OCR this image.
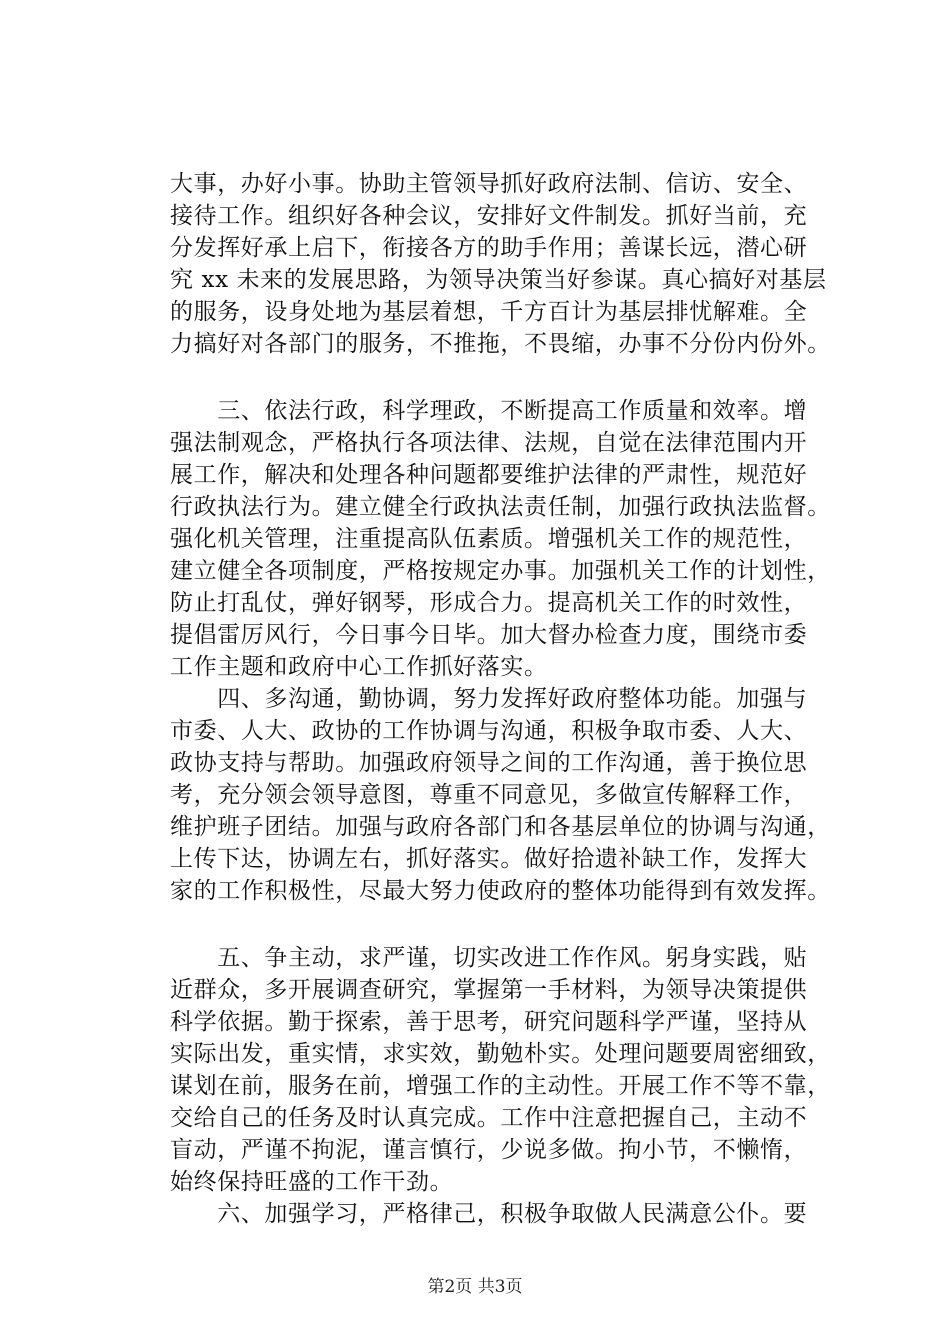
大事，办好小事。协助主管领导抓好政府法制、信访、安全、
接待工作。组织好各种会议，安排好文件制发。抓好当前，充
分发挥好承上启下，衔接各方的助手作用；善谋长远，潜心研
究 xx 未来的发展思路，为领导决策当好参谋。真心搞好对基层
的服务，设身处地为基层着想，千方百计为基层排忧解难。全
力搞好对各部门的服务，不推拖，不畏缩，办事不分份内份外。
　　三、依法行政，科学理政，不断提高工作质量和效率。增
强法制观念，严格执行各项法律、法规，自觉在法律范围内开
展工作，解决和处理各种问题都要维护法律的严肃性，规范好
行政执法行为。建立健全行政执法责任制，加强行政执法监督。
强化机关管理，注重提高队伍素质。增强机关工作的规范性，
建立健全各项制度，严格按规定办事。加强机关工作的计划性，
防止打乱仗，弹好钢琴，形成合力。提高机关工作的时效性，
提倡雷厉风行，今日事今日毕。加大督办检查力度，围绕市委
工作主题和政府中心工作抓好落实。
　　四、多沟通，勤协调，努力发挥好政府整体功能。加强与
市委、人大、政协的工作协调与沟通，积极争取市委、人大、
政协支持与帮助。加强政府领导之间的工作沟通，善于换位思
考，充分领会领导意图，尊重不同意见，多做宣传解释工作，
维护班子团结。加强与政府各部门和各基层单位的协调与沟通，
上传下达，协调左右，抓好落实。做好拾遗补缺工作，发挥大
家的工作积极性，尽最大努力使政府的整体功能得到有效发挥。
　　五、争主动，求严谨，切实改进工作作风。躬身实践，贴
近群众，多开展调查研究，掌握第一手材料，为领导决策提供
科学依据。勤于探索，善于思考，研究问题科学严谨，坚持从
实际出发，重实情，求实效，勤勉朴实。处理问题要周密细致，
谋划在前，服务在前，增强工作的主动性。开展工作不等不靠，
交给自己的任务及时认真完成。工作中注意把握自己，主动不
盲动，严谨不拘泥，谨言慎行，少说多做。拘小节，不懒惰，
始终保持旺盛的工作干劲。
　　六、加强学习，严格律己，积极争取做人民满意公仆。要
第2页 共3页
